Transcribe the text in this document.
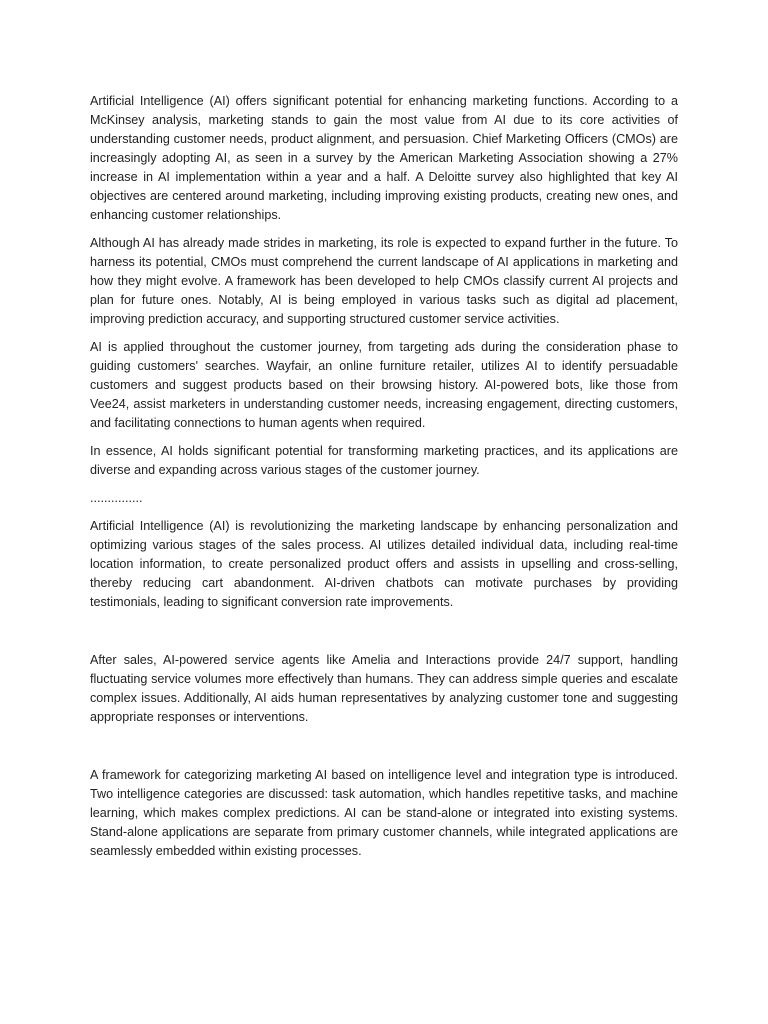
Artificial Intelligence (AI) offers significant potential for enhancing marketing functions. According to a McKinsey analysis, marketing stands to gain the most value from AI due to its core activities of understanding customer needs, product alignment, and persuasion. Chief Marketing Officers (CMOs) are increasingly adopting AI, as seen in a survey by the American Marketing Association showing a 27% increase in AI implementation within a year and a half. A Deloitte survey also highlighted that key AI objectives are centered around marketing, including improving existing products, creating new ones, and enhancing customer relationships.

Although AI has already made strides in marketing, its role is expected to expand further in the future. To harness its potential, CMOs must comprehend the current landscape of AI applications in marketing and how they might evolve. A framework has been developed to help CMOs classify current AI projects and plan for future ones. Notably, AI is being employed in various tasks such as digital ad placement, improving prediction accuracy, and supporting structured customer service activities.

AI is applied throughout the customer journey, from targeting ads during the consideration phase to guiding customers' searches. Wayfair, an online furniture retailer, utilizes AI to identify persuadable customers and suggest products based on their browsing history. AI-powered bots, like those from Vee24, assist marketers in understanding customer needs, increasing engagement, directing customers, and facilitating connections to human agents when required.

In essence, AI holds significant potential for transforming marketing practices, and its applications are diverse and expanding across various stages of the customer journey.

...............

Artificial Intelligence (AI) is revolutionizing the marketing landscape by enhancing personalization and optimizing various stages of the sales process. AI utilizes detailed individual data, including real-time location information, to create personalized product offers and assists in upselling and cross-selling, thereby reducing cart abandonment. AI-driven chatbots can motivate purchases by providing testimonials, leading to significant conversion rate improvements.

After sales, AI-powered service agents like Amelia and Interactions provide 24/7 support, handling fluctuating service volumes more effectively than humans. They can address simple queries and escalate complex issues. Additionally, AI aids human representatives by analyzing customer tone and suggesting appropriate responses or interventions.

A framework for categorizing marketing AI based on intelligence level and integration type is introduced. Two intelligence categories are discussed: task automation, which handles repetitive tasks, and machine learning, which makes complex predictions. AI can be stand-alone or integrated into existing systems. Stand-alone applications are separate from primary customer channels, while integrated applications are seamlessly embedded within existing processes.
